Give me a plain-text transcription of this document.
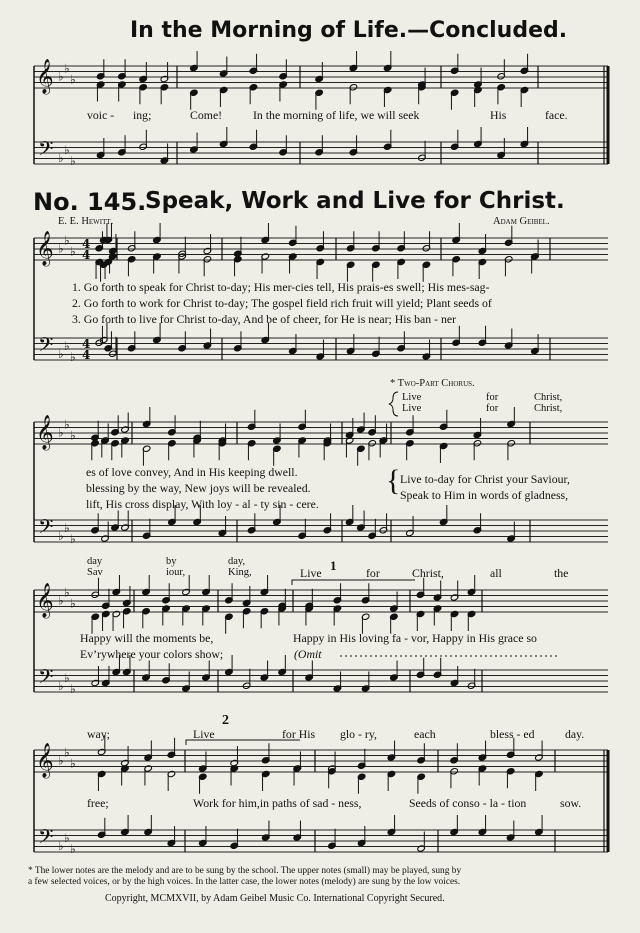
In the Morning of Life.—Concluded.
No. 145.
Speak, Work and Live for Christ.
E. E. Hewitt.	Adam Geibel.
𝄞
𝄢
♭
♭
♭
♭
♭
♭
𝄞
𝄢
♭
♭
♭
♭
♭
♭
4
4
4
4
𝄞
𝄢
♭
♭
♭
♭
♭
♭
𝄞
𝄢
♭
♭
♭
♭
♭
♭
𝄞
𝄢
♭
♭
♭
♭
♭
♭
voic - ing;	Come!	In the morning of life, we will seek	His	face.
1. Go forth to speak for Christ to-day; His mer-cies tell, His prais-es swell; His mes-sag-
2. Go forth to work for Christ to-day; The gospel field rich fruit will yield; Plant seeds of
3. Go forth to live for Christ to-day, And be of cheer, for He is near; His ban - ner
* Two-Part Chorus.
Live
Live
for
for
Christ,
Christ,
es of love convey, And in His keeping dwell.
blessing by the way, New joys will be revealed.
lift, His cross display, With loy - al - ty sin - cere.
{ Live to-day for Christ your Saviour,
Speak to Him in words of gladness,
day	by	day,
Sav	iour,	King,	Live 1	for	Christ,	all	the
Happy will the moments be,
Ev’rywhere your colors show;
Happy in His loving fa - vor, Happy in His grace so
(Omit
way;	Live
2
for His glo - ry,	each	bless - ed	day.
free;	Work for him,in paths of sad - ness,	Seeds of conso - la - tion	sow.
* The lower notes are the melody and are to be sung by the school. The upper notes (small) may be played, sung by
a few selected voices, or by the high voices. In the latter case, the lower notes (melody) are sung by the low voices.
Copyright, MCMXVII, by Adam Geibel Music Co. International Copyright Secured.
